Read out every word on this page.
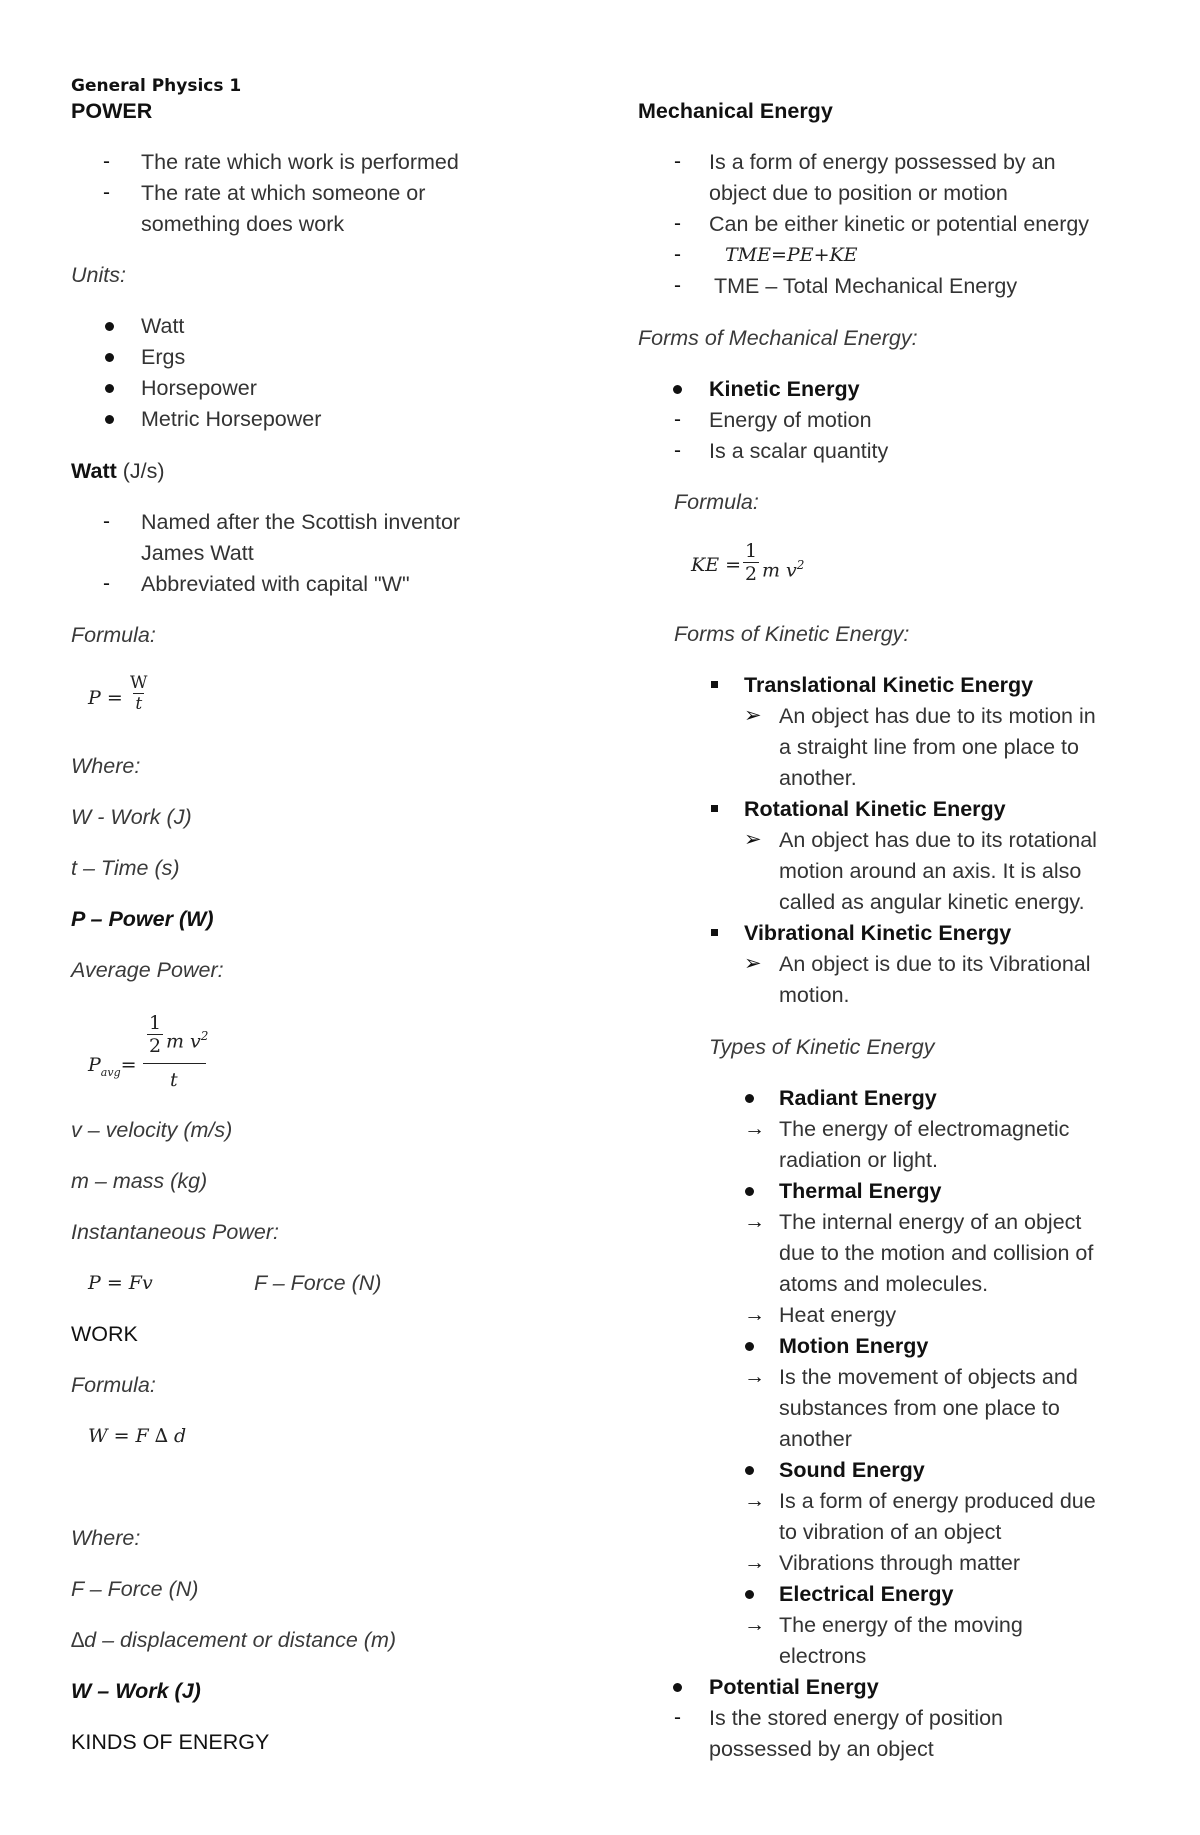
General Physics 1
POWER
- The rate which work is performed
- The rate at which someone or
something does work
Units:
Watt
Ergs
Horsepower
Metric Horsepower
Watt (J/s)
- Named after the Scottish inventor
James Watt
- Abbreviated with capital "W"
Formula:
$P = \frac{W}{t}$
Where:
W - Work (J)
t – Time (s)
P – Power (W)
Average Power:
$P_{avg}=$
$\frac{1}{2}$ m $v^2$
t
v – velocity (m/s)
m – mass (kg)
Instantaneous Power:
P = Fv	F – Force (N)
WORK
Formula:
W = F ∆ d
Where:
F – Force (N)
∆d – displacement or distance (m)
W – Work (J)
KINDS OF ENERGY
Mechanical Energy
- Is a form of energy possessed by an
object due to position or motion
- Can be either kinetic or potential energy
- TME=PE+KE
- TME – Total Mechanical Energy
Forms of Mechanical Energy:
Kinetic Energy
- Energy of motion
- Is a scalar quantity
Formula:
KE = $\frac{1}{2}$ m $v^2$
Forms of Kinetic Energy:
Translational Kinetic Energy
➢ An object has due to its motion in
a straight line from one place to
another.
Rotational Kinetic Energy
➢ An object has due to its rotational
motion around an axis. It is also
called as angular kinetic energy.
Vibrational Kinetic Energy
➢ An object is due to its Vibrational
motion.
Types of Kinetic Energy
Radiant Energy
→ The energy of electromagnetic
radiation or light.
Thermal Energy
→ The internal energy of an object
due to the motion and collision of
atoms and molecules.
→ Heat energy
Motion Energy
→ Is the movement of objects and
substances from one place to
another
Sound Energy
→ Is a form of energy produced due
to vibration of an object
→ Vibrations through matter
Electrical Energy
→ The energy of the moving
electrons
Potential Energy
- Is the stored energy of position
possessed by an object
